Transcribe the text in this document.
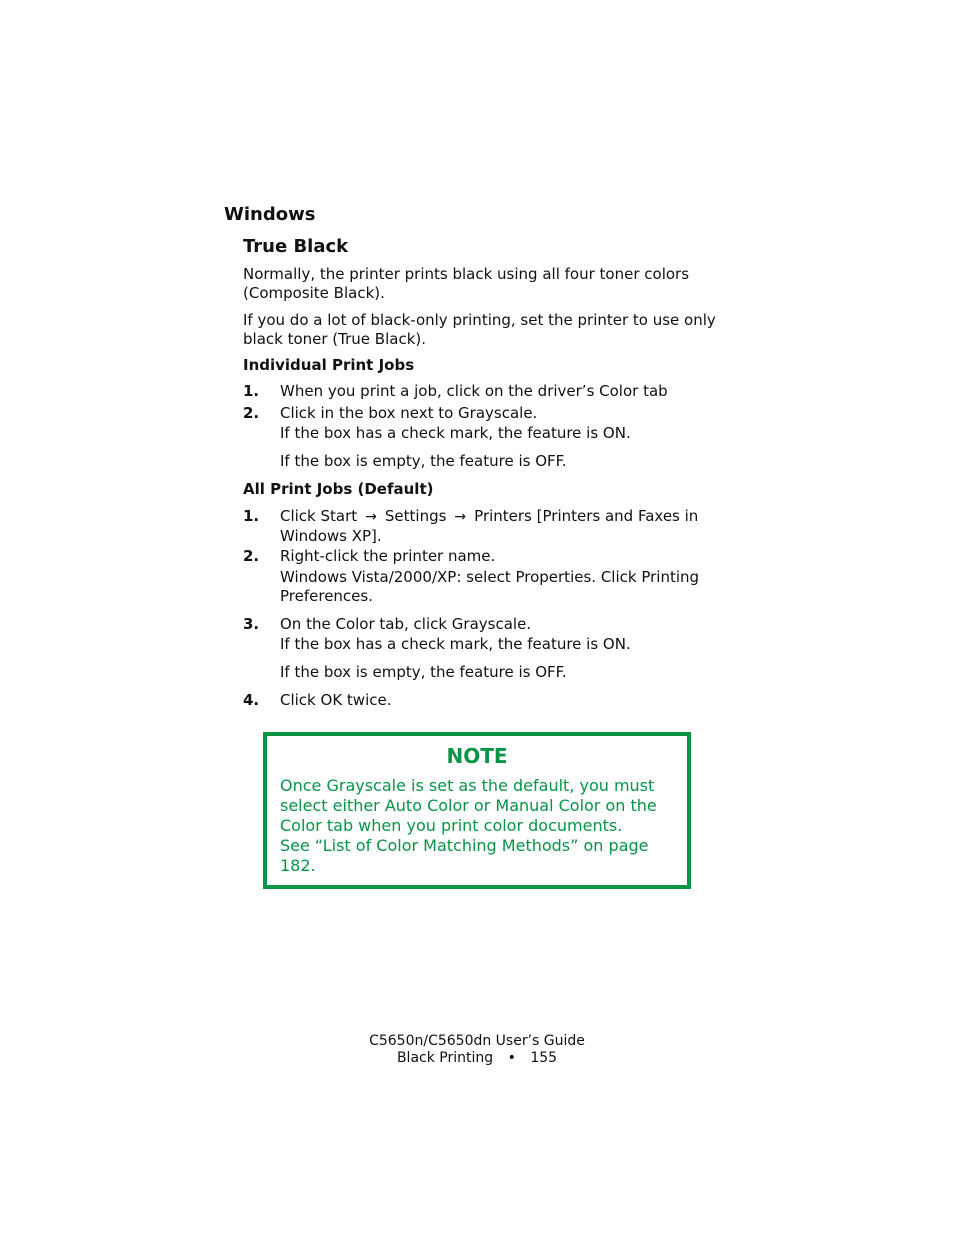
Windows
True Black
Normally, the printer prints black using all four toner colors (Composite Black).
If you do a lot of black-only printing, set the printer to use only black toner (True Black).
Individual Print Jobs
1. When you print a job, click on the driver’s Color tab
2. Click in the box next to Grayscale.
If the box has a check mark, the feature is ON.
If the box is empty, the feature is OFF.
All Print Jobs (Default)
1. Click Start → Settings → Printers [Printers and Faxes in Windows XP].
2. Right-click the printer name.
Windows Vista/2000/XP: select Properties. Click Printing Preferences.
3. On the Color tab, click Grayscale.
If the box has a check mark, the feature is ON.
If the box is empty, the feature is OFF.
4. Click OK twice.
NOTE
Once Grayscale is set as the default, you must select either Auto Color or Manual Color on the Color tab when you print color documents.
See “List of Color Matching Methods” on page 182.
C5650n/C5650dn User’s Guide
Black Printing • 155
